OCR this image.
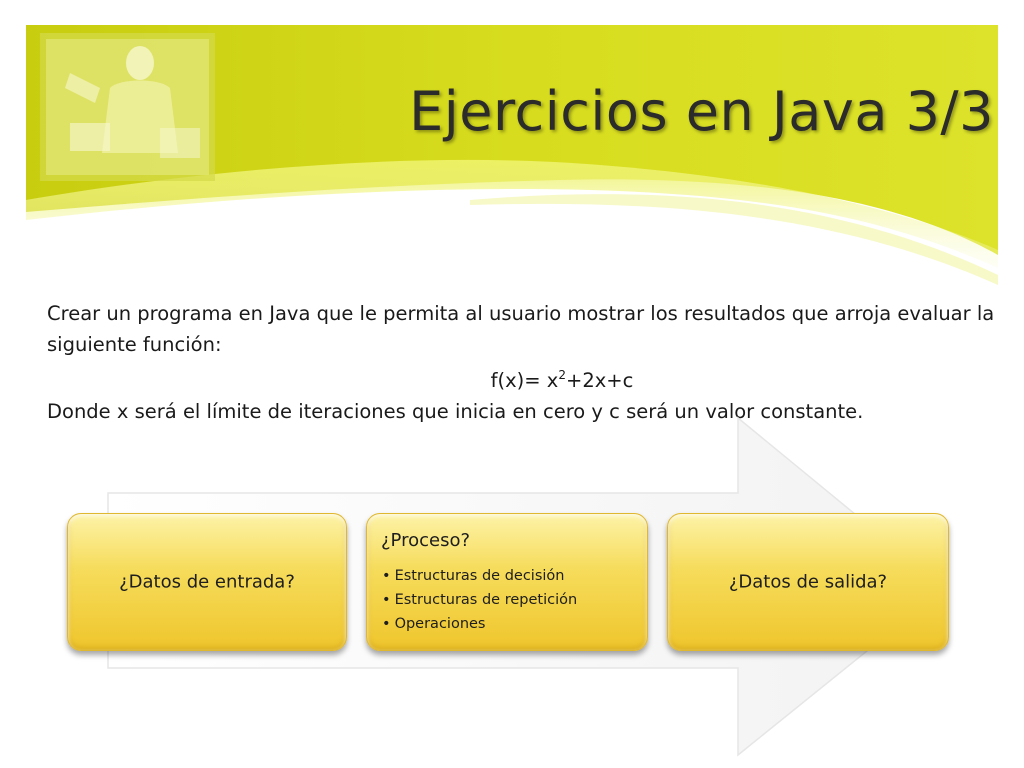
Ejercicios en Java 3/3

Crear un programa en Java que le permita al usuario mostrar los resultados que arroja evaluar la siguiente función:

$f(x)= x^2+2x+c$

Donde x será el límite de iteraciones que inicia en cero y c será un valor constante.

¿Datos de entrada?
¿Proceso?
• Estructuras de decisión
• Estructuras de repetición
• Operaciones
¿Datos de salida?
